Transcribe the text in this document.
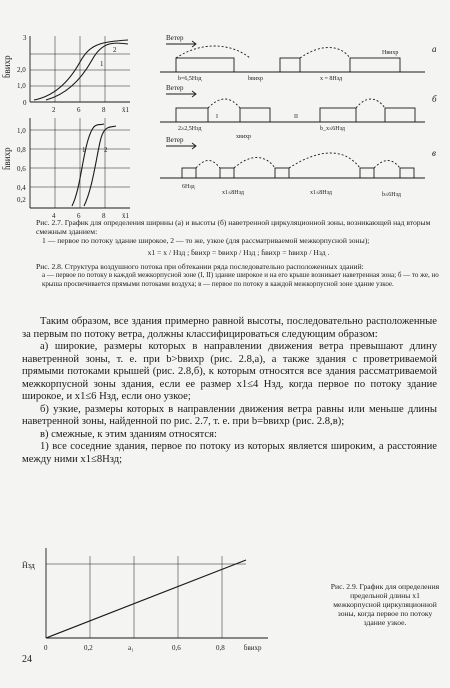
b̄вихр
3
2,0
1,0
0
2	6	8 x̄1
2
1
h̄вихр
1,0
0,8
0,6
0,4
0,2
4	6	8 x̄1
1	2
Ветер
Ветер
Ветер
а
б
в
b=6,5Hзд	bвихр	x = 8Hзд
Hвихр
2≥2,5Hзд
I	II
b_x≤6Hзд
xвихр
6Hзд
x1≤8Hзд	x1≤8Hзд	b≤6Hзд
Рис. 2.7. График для определения ширины (а) и высоты (б) наветренной циркуляционной зоны, возникающей над вторым смежным зданием:
1 — первое по потоку здание широкое, 2 — то же, узкое (для рассматриваемой межкорпусной зоны);
x1 = x / Hзд ; b̄вихр = bвихр / Hзд ; h̄вихр = hвихр / Hзд .
Рис. 2.8. Структура воздушного потока при обтекании ряда последовательно расположенных зданий:
а — первое по потоку в каждой межкорпусной зоне (I, II) здание широкое и на его крыше возникает наветренная зона; б — то же, но крыша просвечивается прямыми потоками воздуха; в — первое по потоку в каждой межкорпусной зоне здание узкое.

Таким образом, все здания примерно равной высоты, последовательно расположенные за первым по потоку ветра, должны классифицироваться следующим образом:

а) широкие, размеры которых в направлении движения ветра превышают длину наветренной зоны, т. е. при b>bвихр (рис. 2.8,а), а также здания с проветриваемой прямыми потоками крышей (рис. 2.8,б), к которым относятся все здания рассматриваемой межкорпусной зоны здания, если ее размер x1≤4 Hзд, когда первое по потоку здание широкое, и x1≤6 Hзд, если оно узкое;

б) узкие, размеры которых в направлении движения ветра равны или меньше длины наветренной зоны, найденной по рис. 2.7, т. е. при b=bвихр (рис. 2.8,в);

в) смежные, к этим зданиям относятся:

1) все соседние здания, первое по потоку из которых является широким, а расстояние между ними x1≤8Hзд;

H̄зд
0	0,2	а₁	0,6	0,8	b̄вихр
Рис. 2.9. График для определения предельной длины x1 межкорпусной циркуляционной зоны, когда первое по потоку здание узкое.
24
